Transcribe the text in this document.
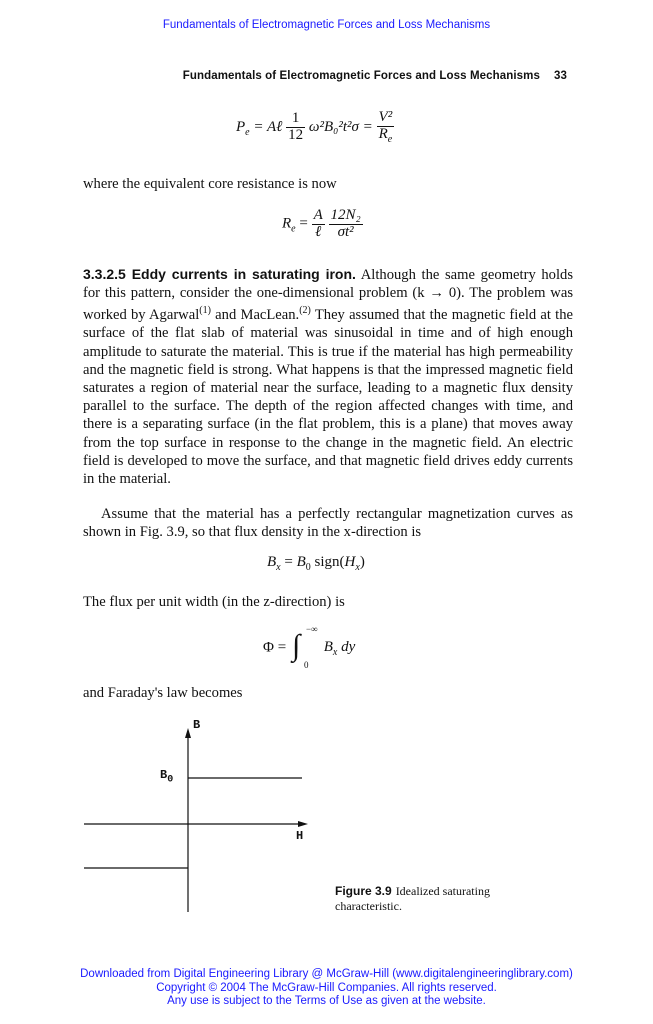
Fundamentals of Electromagnetic Forces and Loss Mechanisms
Fundamentals of Electromagnetic Forces and Loss Mechanisms 33
$P_e$ = Aℓ $\frac{1}{12} \omega^2B_0^2t^2\sigma = \frac{\text{V²}}{R_e}$
where the equivalent core resistance is now
$R_e = \frac{A}{\text{ℓ}}$
$\frac{\text{12N₂}}{\text{σt²}}$
3.3.2.5 Eddy currents in saturating iron. Although the same geometry holds for this pattern, consider the one-dimensional problem (k → 0). The problem was worked by Agarwal$^{(1)}$ and MacLean.$^{(2)}$ They assumed that the magnetic field at the surface of the flat slab of material was sinusoidal in time and of high enough amplitude to saturate the material. This is true if the material has high permeability and the magnetic field is strong. What happens is that the impressed magnetic field saturates a region of material near the surface, leading to a magnetic flux density parallel to the surface. The depth of the region affected changes with time, and there is a separating surface (in the flat problem, this is a plane) that moves away from the top surface in response to the change in the magnetic field. An electric field is developed to move the surface, and that magnetic field drives eddy currents in the material.
Assume that the material has a perfectly rectangular magnetization curves as shown in Fig. 3.9, so that flux density in the x-direction is
$B_x = B_0$ $sign(H_x)$
The flux per unit width (in the z-direction) is
Φ = ∫ −∞
0
$B_x$ dy
and Faraday's law becomes
B
$B_0$
H
Figure 3.9 Idealized saturating characteristic.
Downloaded from Digital Engineering Library @ McGraw-Hill (www.digitalengineeringlibrary.com)
Copyright © 2004 The McGraw-Hill Companies. All rights reserved.
Any use is subject to the Terms of Use as given at the website.
